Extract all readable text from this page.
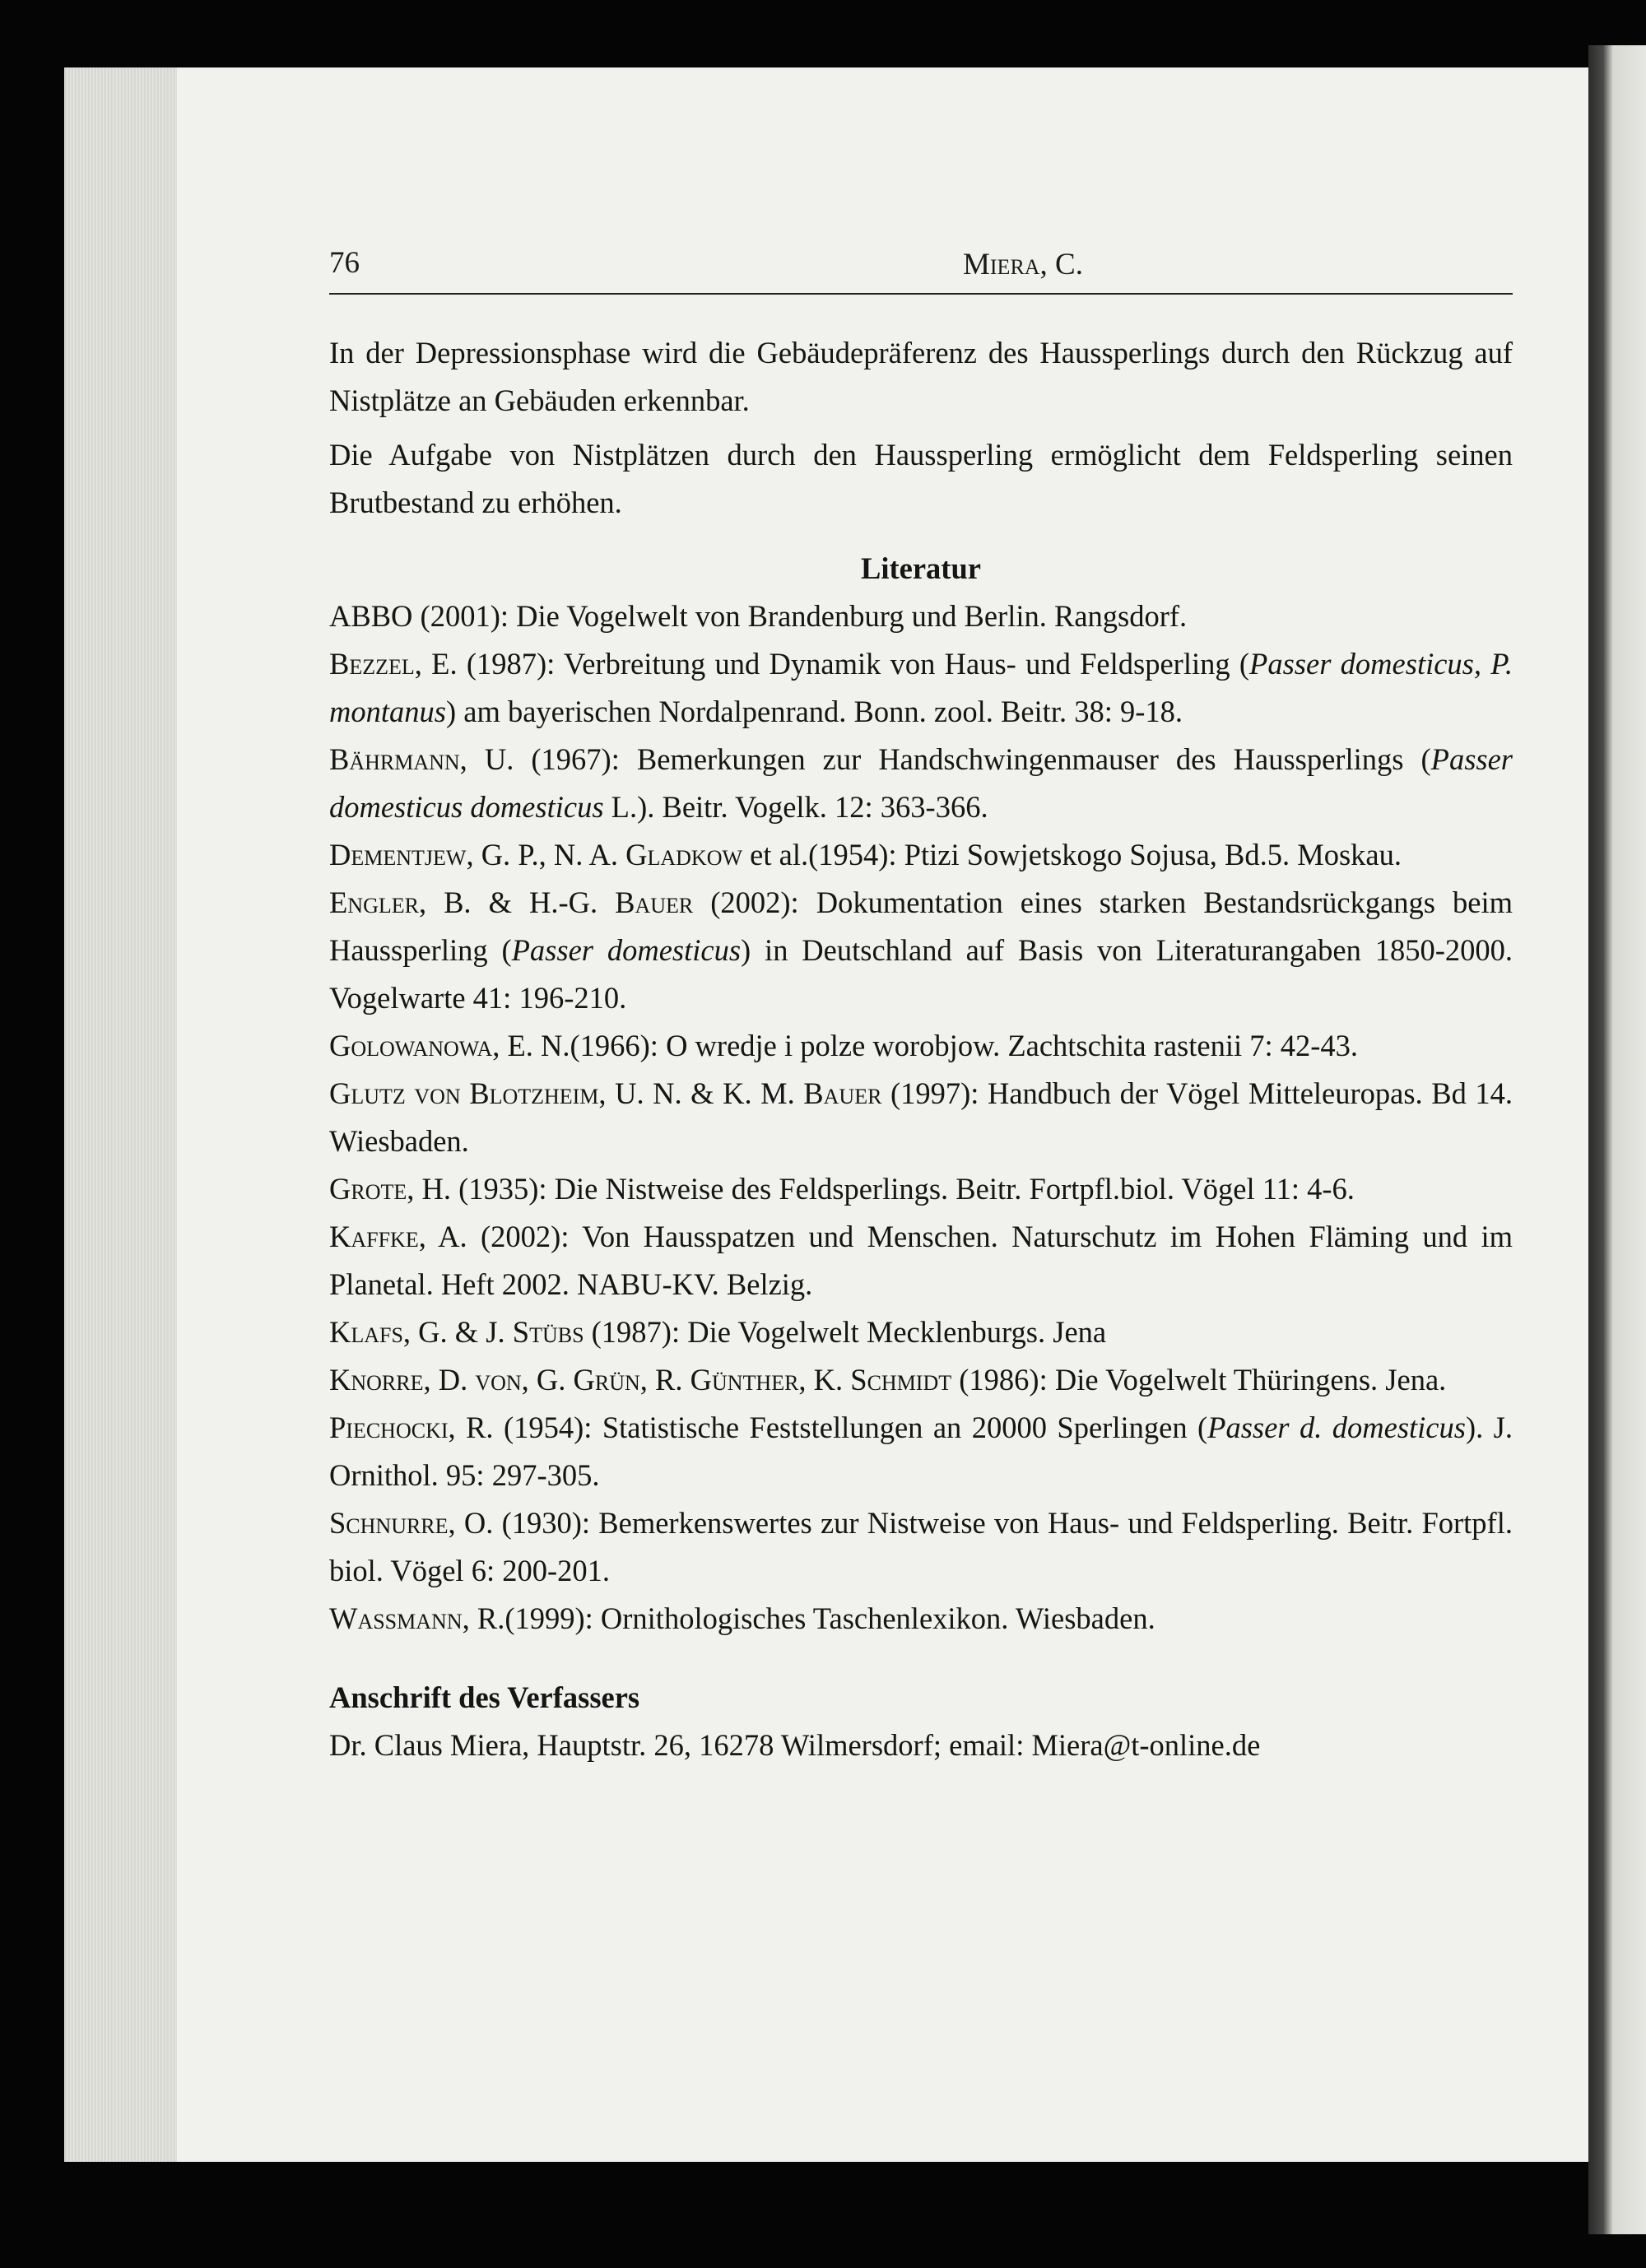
76	Miera, C.

In der Depressionsphase wird die Gebäudepräferenz des Haussperlings durch den Rückzug auf Nistplätze an Gebäuden erkennbar.

Die Aufgabe von Nistplätzen durch den Haussperling ermöglicht dem Feldsperling seinen Brutbestand zu erhöhen.

Literatur

ABBO (2001): Die Vogelwelt von Brandenburg und Berlin. Rangsdorf.

Bezzel, E. (1987): Verbreitung und Dynamik von Haus- und Feldsperling (Passer domesticus, P. montanus) am bayerischen Nordalpenrand. Bonn. zool. Beitr. 38: 9-18.

Bährmann, U. (1967): Bemerkungen zur Handschwingenmauser des Haussperlings (Passer domesticus domesticus L.). Beitr. Vogelk. 12: 363-366.

Dementjew, G. P., N. A. Gladkow et al.(1954): Ptizi Sowjetskogo Sojusa, Bd.5. Moskau.

Engler, B. & H.-G. Bauer (2002): Dokumentation eines starken Bestandsrückgangs beim Haussperling (Passer domesticus) in Deutschland auf Basis von Literaturangaben 1850-2000. Vogelwarte 41: 196-210.

Golowanowa, E. N.(1966): O wredje i polze worobjow. Zachtschita rastenii 7: 42-43.

Glutz von Blotzheim, U. N. & K. M. Bauer (1997): Handbuch der Vögel Mitteleuropas. Bd 14. Wiesbaden.

Grote, H. (1935): Die Nistweise des Feldsperlings. Beitr. Fortpfl.biol. Vögel 11: 4-6.

Kaffke, A. (2002): Von Hausspatzen und Menschen. Naturschutz im Hohen Fläming und im Planetal. Heft 2002. NABU-KV. Belzig.

Klafs, G. & J. Stübs (1987): Die Vogelwelt Mecklenburgs. Jena

Knorre, D. von, G. Grün, R. Günther, K. Schmidt (1986): Die Vogelwelt Thüringens. Jena.

Piechocki, R. (1954): Statistische Feststellungen an 20000 Sperlingen (Passer d. domesticus). J. Ornithol. 95: 297-305.

Schnurre, O. (1930): Bemerkenswertes zur Nistweise von Haus- und Feldsperling. Beitr. Fortpfl. biol. Vögel 6: 200-201.

Wassmann, R.(1999): Ornithologisches Taschenlexikon. Wiesbaden.

Anschrift des Verfassers

Dr. Claus Miera, Hauptstr. 26, 16278 Wilmersdorf; email: Miera@t-online.de
